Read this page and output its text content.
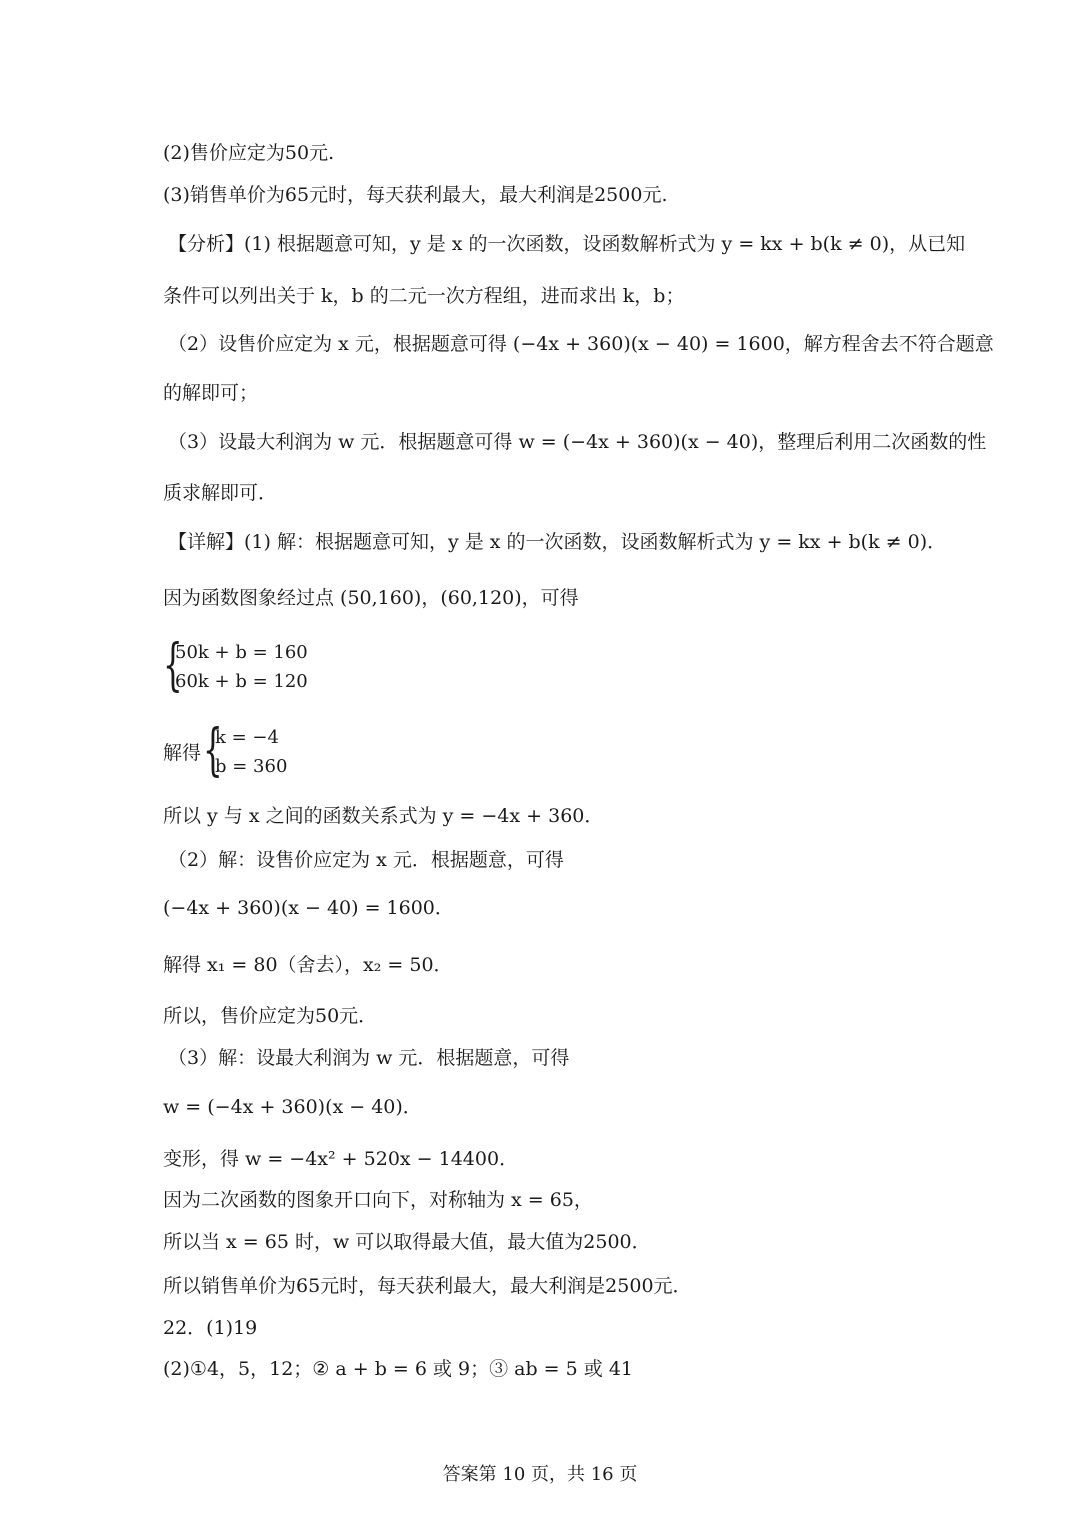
(2)售价应定为50元.
(3)销售单价为65元时，每天获利最大，最大利润是2500元.
【分析】(1) 根据题意可知，y 是 x 的一次函数，设函数解析式为 y = kx + b(k ≠ 0)，从已知
条件可以列出关于 k，b 的二元一次方程组，进而求出 k，b；
（2）设售价应定为 x 元，根据题意可得 (−4x + 360)(x − 40) = 1600，解方程舍去不符合题意
的解即可；
（3）设最大利润为 w 元．根据题意可得 w = (−4x + 360)(x − 40)，整理后利用二次函数的性
质求解即可．
【详解】(1) 解：根据题意可知，y 是 x 的一次函数，设函数解析式为 y = kx + b(k ≠ 0)．
因为函数图象经过点 (50,160)，(60,120)，可得
{
50k + b = 160
60k + b = 120
解得 {
k = −4
b = 360
所以 y 与 x 之间的函数关系式为 y = −4x + 360．
（2）解：设售价应定为 x 元．根据题意，可得
(−4x + 360)(x − 40) = 1600．
解得 x₁ = 80（舍去），x₂ = 50．
所以，售价应定为50元．
（3）解：设最大利润为 w 元．根据题意，可得
w = (−4x + 360)(x − 40)．
变形，得 w = −4x² + 520x − 14400．
因为二次函数的图象开口向下，对称轴为 x = 65，
所以当 x = 65 时，w 可以取得最大值，最大值为2500．
所以销售单价为65元时，每天获利最大，最大利润是2500元．
22．(1)19
(2)①4，5，12；② a + b = 6 或 9；③ ab = 5 或 41
答案第 10 页，共 16 页
